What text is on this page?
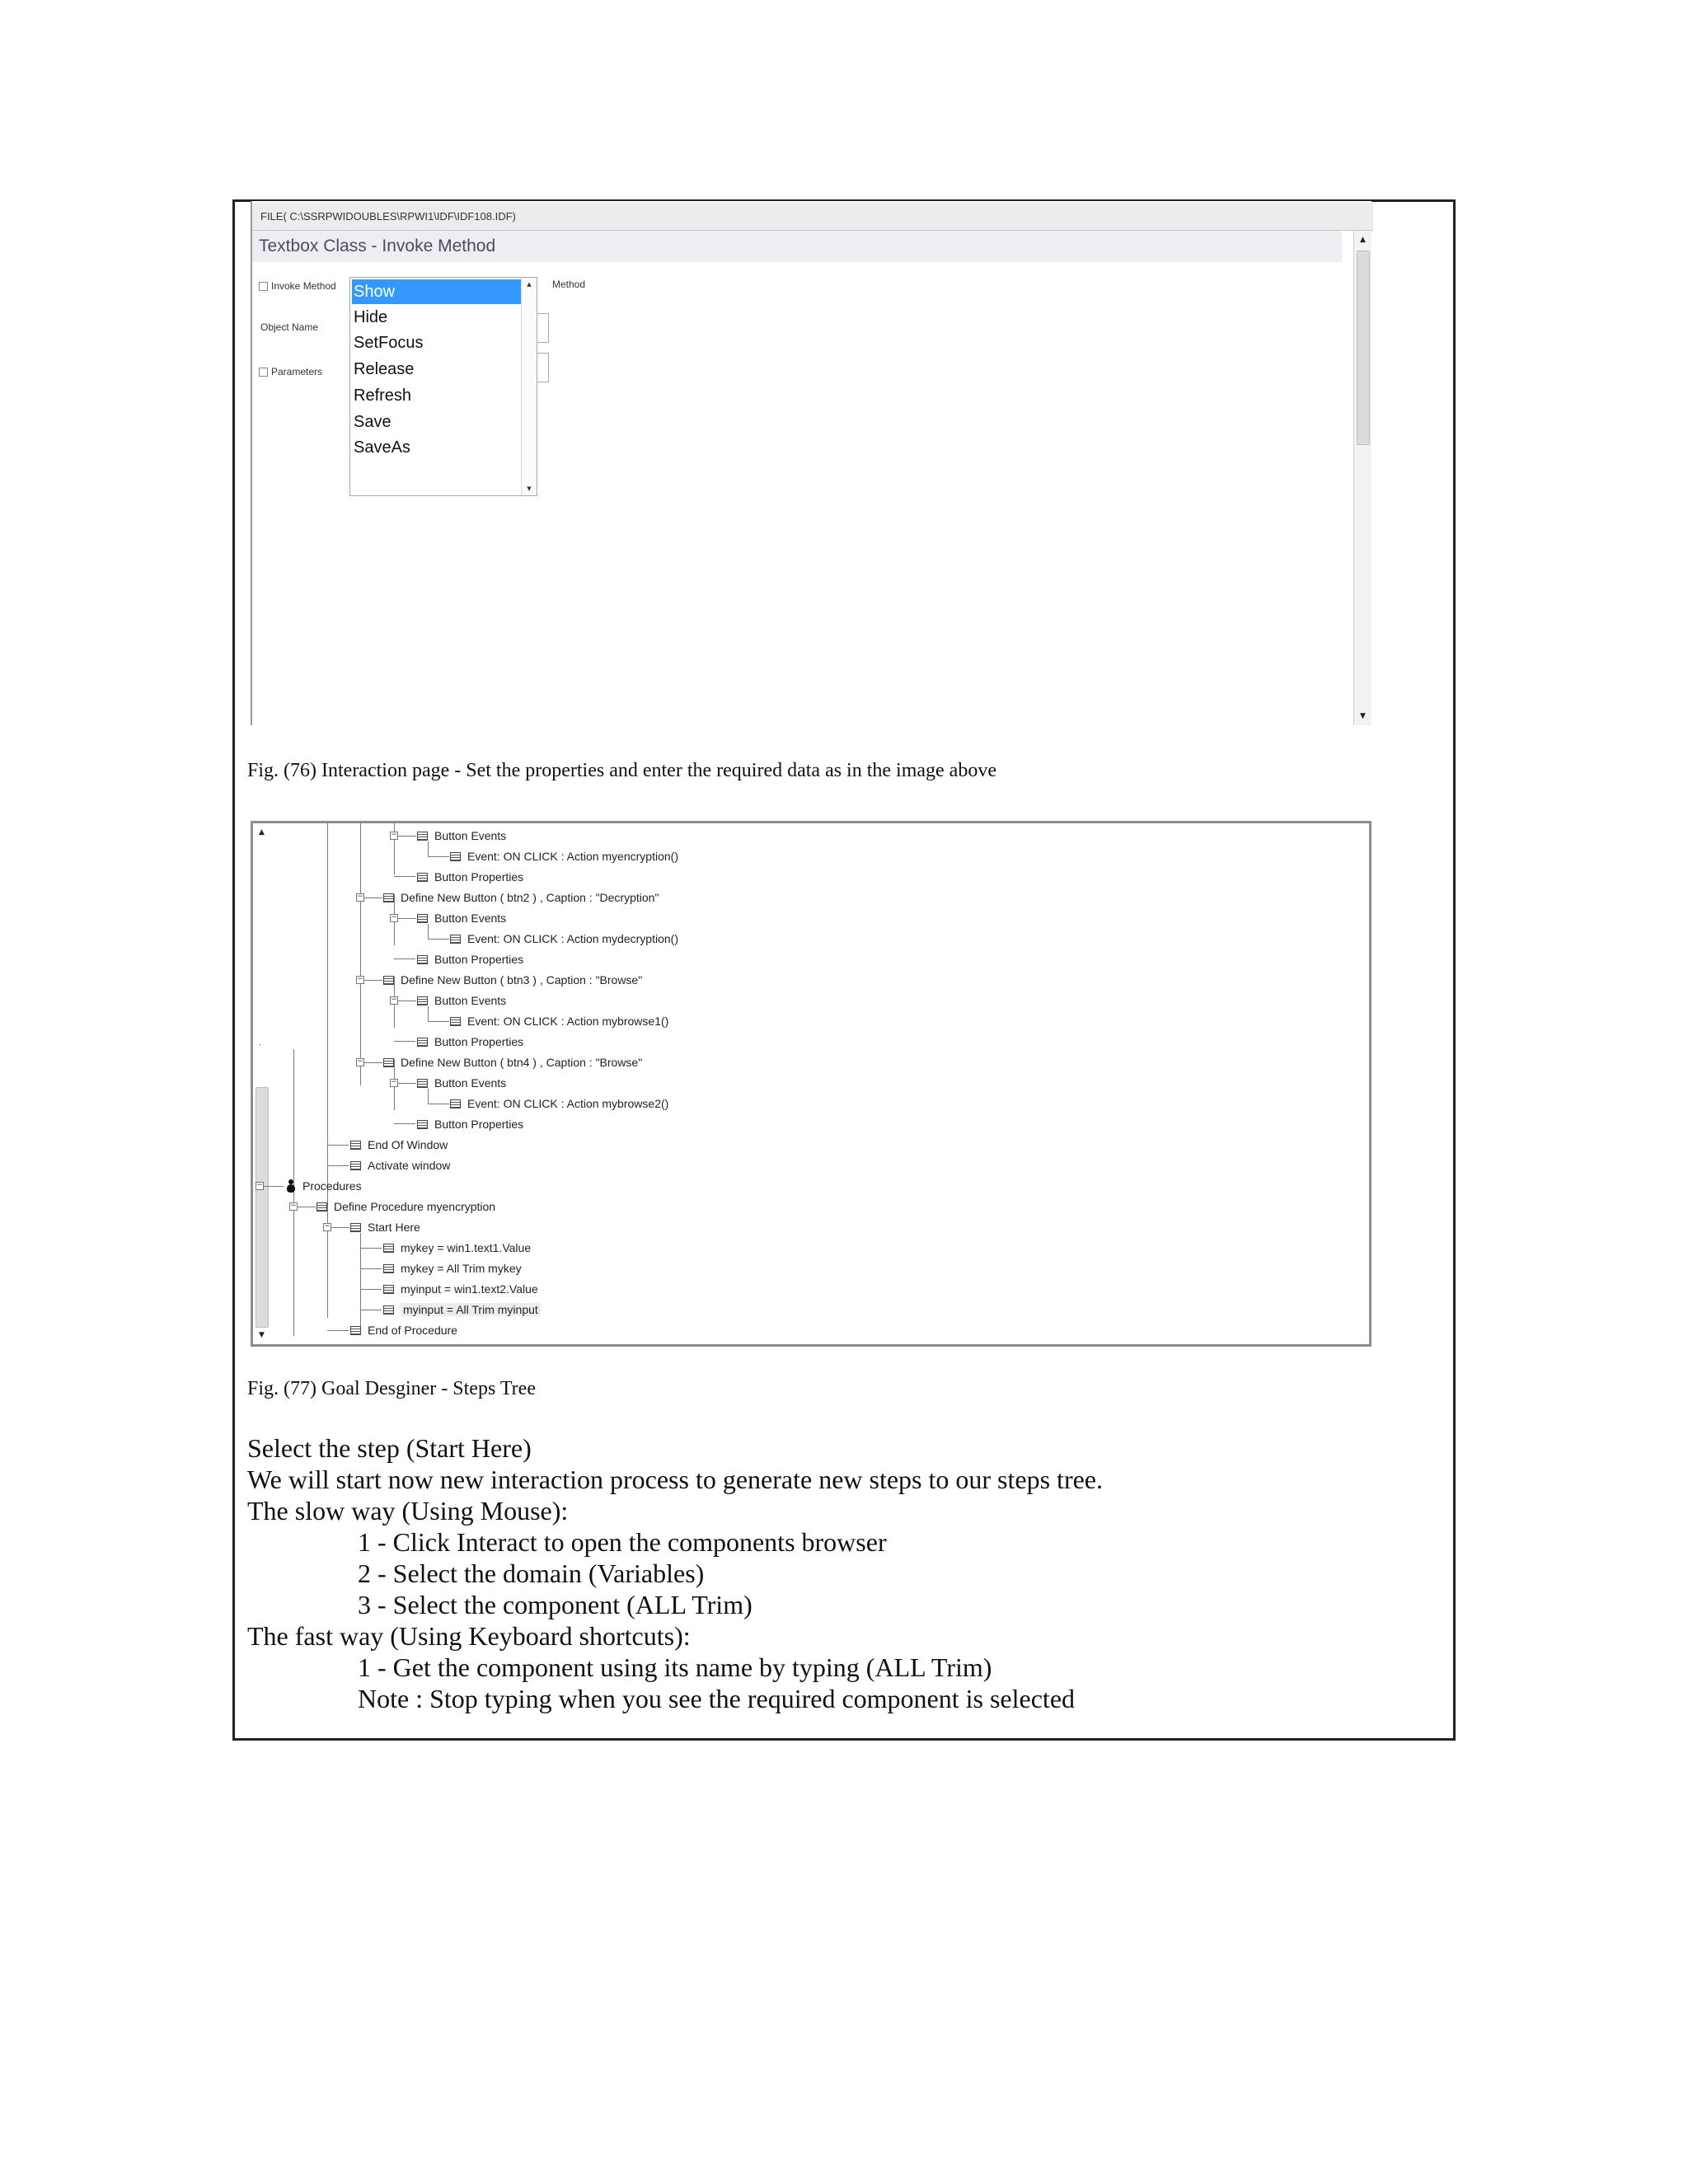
FILE( C:\SSRPWIDOUBLES\RPWI1\IDF\IDF108.IDF)
Textbox Class - Invoke Method	▲
▼
Invoke Method
Object Name
Parameters
Method
Show
Hide
SetFocus
Release
Refresh
Save
SaveAs
▲
▼
Fig. (76) Interaction page - Set the properties and enter the required data as in the image above
▲
▼
−	Button Events
Event: ON CLICK : Action myencryption()
Button Properties
−	Define New Button ( btn2 ) , Caption : "Decryption"
−	Button Events
Event: ON CLICK : Action mydecryption()
Button Properties
−	Define New Button ( btn3 ) , Caption : "Browse"
−	Button Events
Event: ON CLICK : Action mybrowse1()
Button Properties
−	Define New Button ( btn4 ) , Caption : "Browse"
−	Button Events
Event: ON CLICK : Action mybrowse2()
Button Properties
End Of Window
Activate window
−	Procedures
−	Define Procedure myencryption
−	Start Here
mykey = win1.text1.Value
mykey = All Trim mykey
myinput = win1.text2.Value
myinput = All Trim myinput
End of Procedure
Fig. (77) Goal Desginer - Steps Tree
Select the step (Start Here)
We will start now new interaction process to generate new steps to our steps tree.
The slow way (Using Mouse):
1 - Click Interact to open the components browser
2 - Select the domain (Variables)
3 - Select the component (ALL Trim)
The fast way (Using Keyboard shortcuts):
1 - Get the component using its name by typing (ALL Trim)
Note : Stop typing when you see the required component is selected
